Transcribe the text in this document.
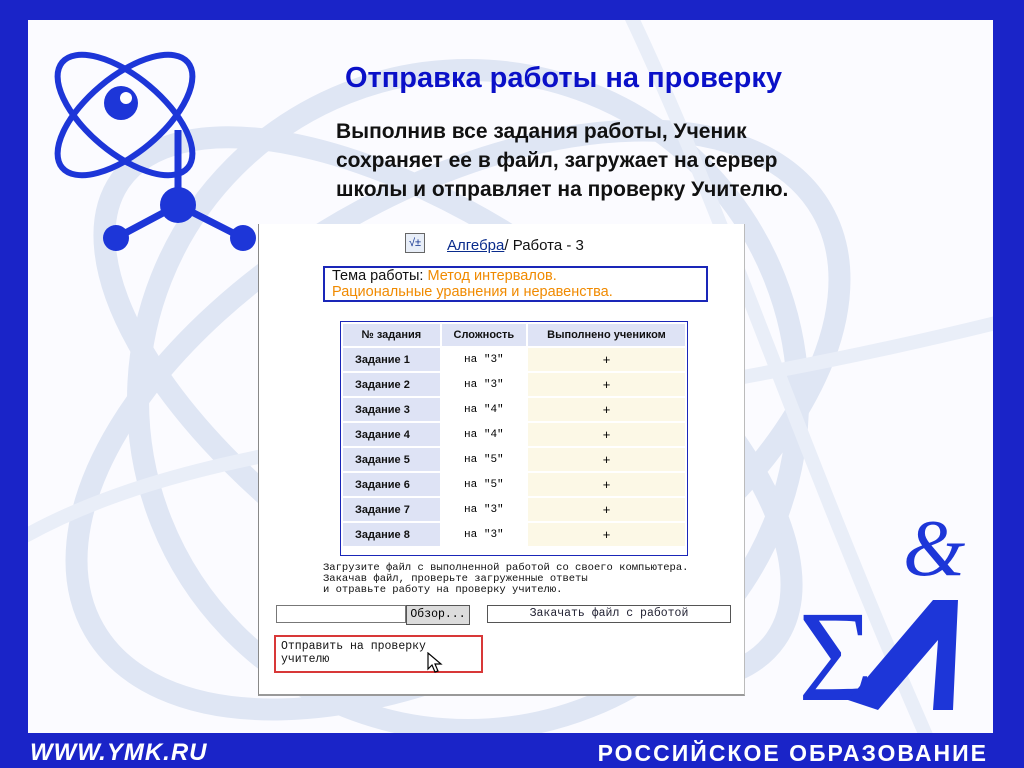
&
Σ
Отправка работы на проверку
Выполнив все задания работы, Ученик
сохраняет ее в файл, загружает на сервер
школы и отправляет на проверку Учителю.
√± Алгебра/ Работа - 3
Тема работы: Метод интервалов.
Рациональные уравнения и неравенства.
№ задания	Сложность	Выполнено учеником
Задание 1	на "3"	+
Задание 2	на "3"	+
Задание 3	на "4"	+
Задание 4	на "4"	+
Задание 5	на "5"	+
Задание 6	на "5"	+
Задание 7	на "3"	+
Задание 8	на "3"	+
Загрузите файл с выполненной работой со своего компьютера.
Закачав файл, проверьте загруженные ответы
и отравьте работу на проверку учителю.
Обзор...	Закачать файл с работой
Отправить на проверку учителю
WWW.YMK.RU	РОССИЙСКОЕ ОБРАЗОВАНИЕ
